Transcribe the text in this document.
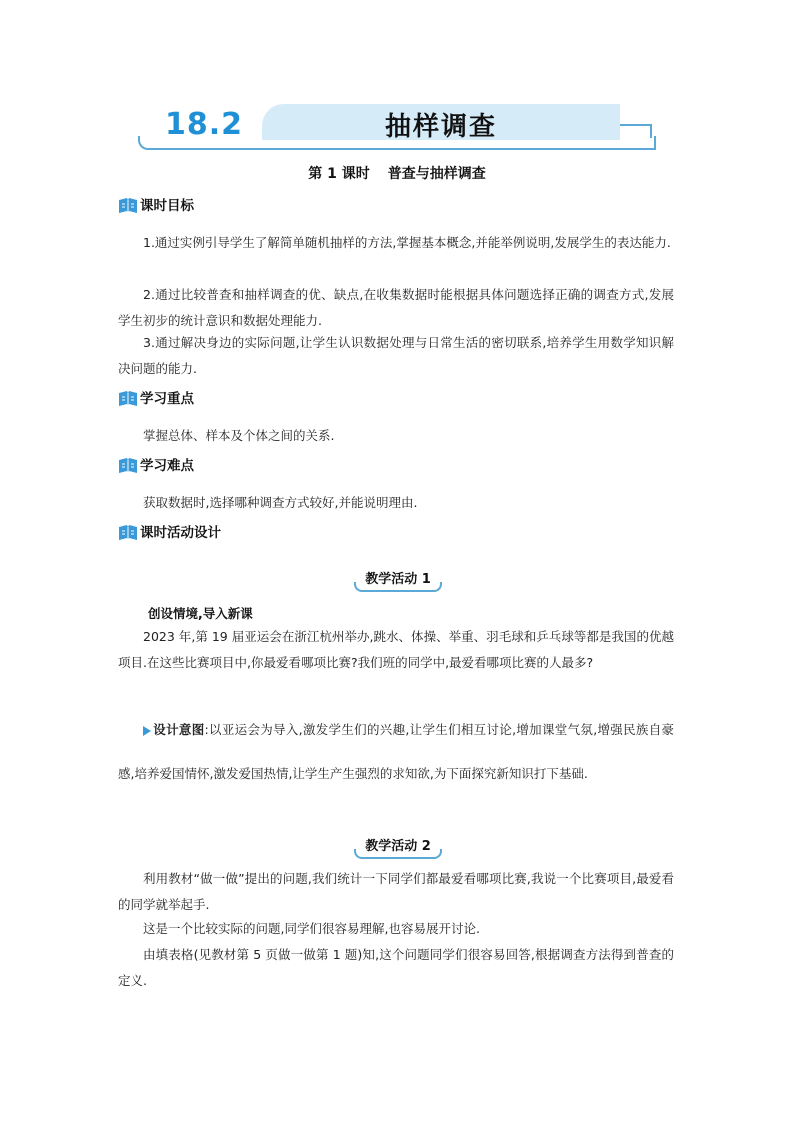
18.2	抽样调查
第 1 课时 普查与抽样调查
课时目标
1.通过实例引导学生了解简单随机抽样的方法,掌握基本概念,并能举例说明,发展学生的表达能力.
2.通过比较普查和抽样调查的优、缺点,在收集数据时能根据具体问题选择正确的调查方式,发展学生初步的统计意识和数据处理能力.
3.通过解决身边的实际问题,让学生认识数据处理与日常生活的密切联系,培养学生用数学知识解决问题的能力.
学习重点
掌握总体、样本及个体之间的关系.
学习难点
获取数据时,选择哪种调查方式较好,并能说明理由.
课时活动设计
教学活动 1
创设情境,导入新课
2023 年,第 19 届亚运会在浙江杭州举办,跳水、体操、举重、羽毛球和乒乓球等都是我国的优越项目.在这些比赛项目中,你最爱看哪项比赛?我们班的同学中,最爱看哪项比赛的人最多?
设计意图:以亚运会为导入,激发学生们的兴趣,让学生们相互讨论,增加课堂气氛,增强民族自豪感,培养爱国情怀,激发爱国热情,让学生产生强烈的求知欲,为下面探究新知识打下基础.
教学活动 2
利用教材“做一做”提出的问题,我们统计一下同学们都最爱看哪项比赛,我说一个比赛项目,最爱看的同学就举起手.
这是一个比较实际的问题,同学们很容易理解,也容易展开讨论.
由填表格(见教材第 5 页做一做第 1 题)知,这个问题同学们很容易回答,根据调查方法得到普查的定义.
